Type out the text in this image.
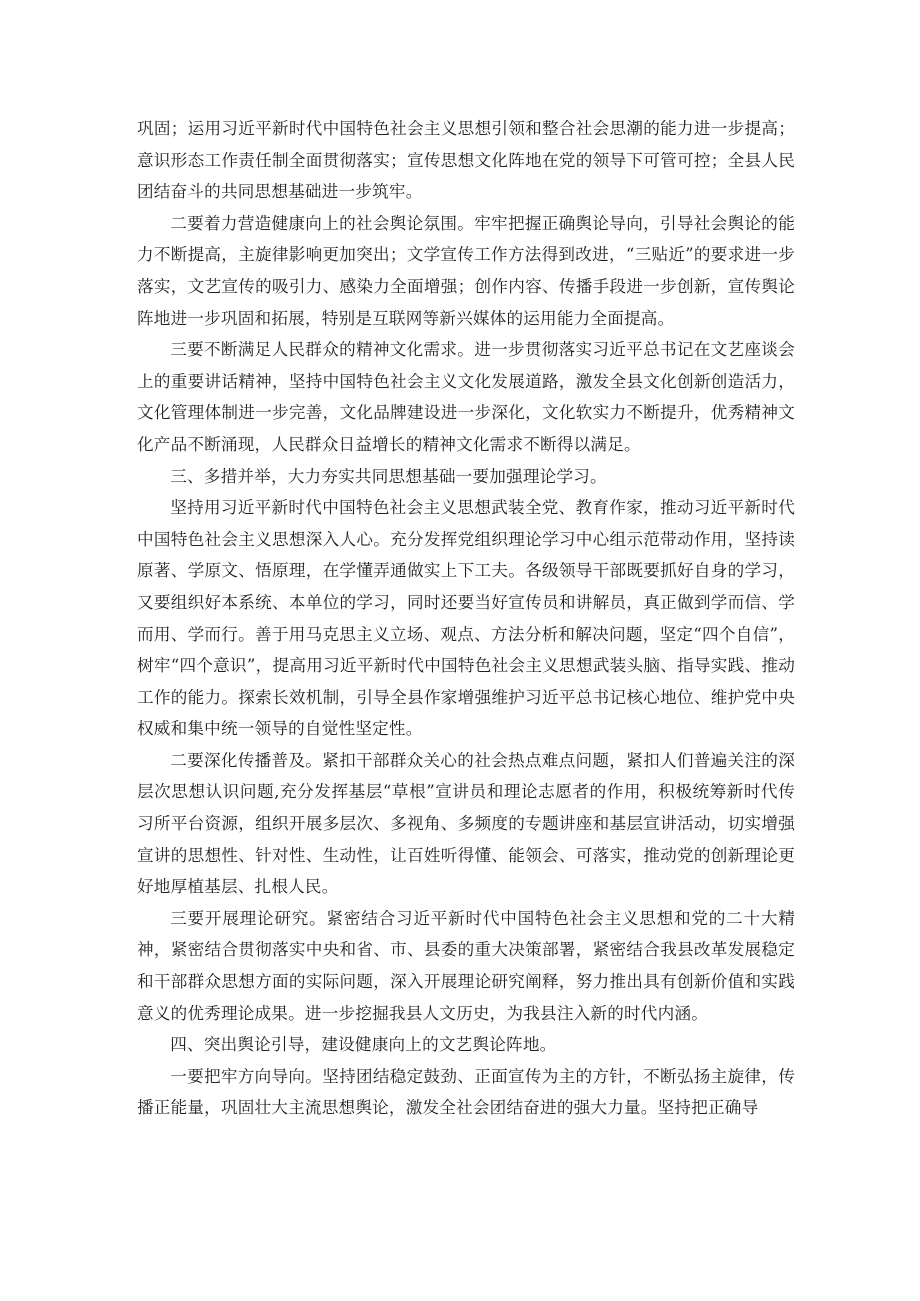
巩固；运用习近平新时代中国特色社会主义思想引领和整合社会思潮的能力进一步提高；意识形态工作责任制全面贯彻落实；宣传思想文化阵地在党的领导下可管可控；全县人民团结奋斗的共同思想基础进一步筑牢。

二要着力营造健康向上的社会舆论氛围。牢牢把握正确舆论导向，引导社会舆论的能力不断提高，主旋律影响更加突出；文学宣传工作方法得到改进，“三贴近”的要求进一步落实，文艺宣传的吸引力、感染力全面增强；创作内容、传播手段进一步创新，宣传舆论阵地进一步巩固和拓展，特别是互联网等新兴媒体的运用能力全面提高。

三要不断满足人民群众的精神文化需求。进一步贯彻落实习近平总书记在文艺座谈会上的重要讲话精神，坚持中国特色社会主义文化发展道路，激发全县文化创新创造活力，文化管理体制进一步完善，文化品牌建设进一步深化，文化软实力不断提升，优秀精神文化产品不断涌现，人民群众日益增长的精神文化需求不断得以满足。

三、多措并举，大力夯实共同思想基础一要加强理论学习。

坚持用习近平新时代中国特色社会主义思想武装全党、教育作家，推动习近平新时代中国特色社会主义思想深入人心。充分发挥党组织理论学习中心组示范带动作用，坚持读原著、学原文、悟原理，在学懂弄通做实上下工夫。各级领导干部既要抓好自身的学习，又要组织好本系统、本单位的学习，同时还要当好宣传员和讲解员，真正做到学而信、学而用、学而行。善于用马克思主义立场、观点、方法分析和解决问题，坚定“四个自信”，树牢“四个意识”，提高用习近平新时代中国特色社会主义思想武装头脑、指导实践、推动工作的能力。探索长效机制，引导全县作家增强维护习近平总书记核心地位、维护党中央权威和集中统一领导的自觉性坚定性。

二要深化传播普及。紧扣干部群众关心的社会热点难点问题，紧扣人们普遍关注的深层次思想认识问题,充分发挥基层“草根”宣讲员和理论志愿者的作用，积极统筹新时代传习所平台资源，组织开展多层次、多视角、多频度的专题讲座和基层宣讲活动，切实增强宣讲的思想性、针对性、生动性，让百姓听得懂、能领会、可落实，推动党的创新理论更好地厚植基层、扎根人民。

三要开展理论研究。紧密结合习近平新时代中国特色社会主义思想和党的二十大精神，紧密结合贯彻落实中央和省、市、县委的重大决策部署，紧密结合我县改革发展稳定和干部群众思想方面的实际问题，深入开展理论研究阐释，努力推出具有创新价值和实践意义的优秀理论成果。进一步挖掘我县人文历史，为我县注入新的时代内涵。

四、突出舆论引导，建设健康向上的文艺舆论阵地。

一要把牢方向导向。坚持团结稳定鼓劲、正面宣传为主的方针，不断弘扬主旋律，传播正能量，巩固壮大主流思想舆论，激发全社会团结奋进的强大力量。坚持把正确导
